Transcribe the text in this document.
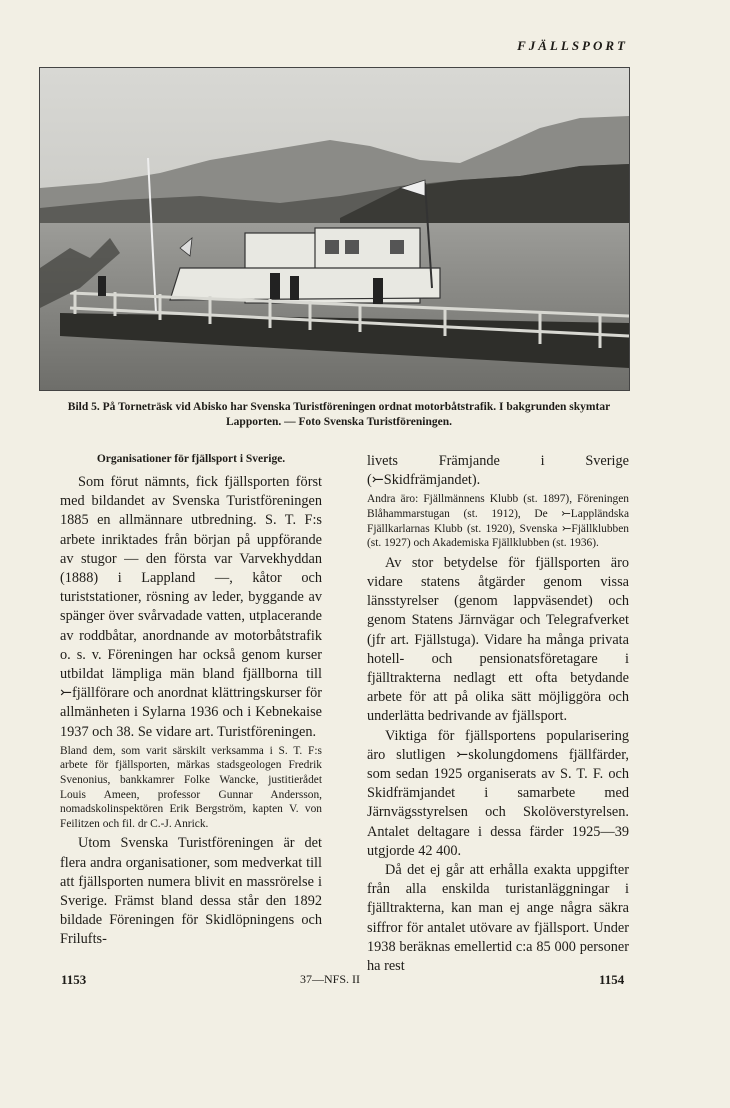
FJÄLLSPORT
Bild 5. På Torneträsk vid Abisko har Svenska Turistföreningen ordnat motorbåtstrafik. I bakgrunden skymtar Lapporten. — Foto Svenska Turistföreningen.
Organisationer för fjällsport i Sverige.

Som förut nämnts, fick fjällsporten först med bildandet av Svenska Turistföreningen 1885 en allmännare utbredning. S. T. F:s arbete inriktades från början på uppförande av stugor — den första var Varvekhyddan (1888) i Lappland —, kåtor och turiststationer, rösning av leder, byggande av spänger över svårvadade vatten, utplacerande av roddbåtar, anordnande av motorbåtstrafik o. s. v. Föreningen har också genom kurser utbildat lämpliga män bland fjällborna till ⤚fjällförare och anordnat klättringskurser för allmänheten i Sylarna 1936 och i Kebnekaise 1937 och 38. Se vidare art. Turistföreningen.

Bland dem, som varit särskilt verksamma i S. T. F:s arbete för fjällsporten, märkas stadsgeologen Fredrik Svenonius, bankkamrer Folke Wancke, justitierådet Louis Ameen, professor Gunnar Andersson, nomadskolinspektören Erik Bergström, kapten V. von Feilitzen och fil. dr C.-J. Anrick.

Utom Svenska Turistföreningen är det flera andra organisationer, som medverkat till att fjällsporten numera blivit en massrörelse i Sverige. Främst bland dessa står den 1892 bildade Föreningen för Skidlöpningens och Frilufts-

livets Främjande i Sverige (⤚Skidfrämjandet).

Andra äro: Fjällmännens Klubb (st. 1897), Föreningen Blåhammarstugan (st. 1912), De ⤚Lappländska Fjällkarlarnas Klubb (st. 1920), Svenska ⤚Fjällklubben (st. 1927) och Akademiska Fjällklubben (st. 1936).

Av stor betydelse för fjällsporten äro vidare statens åtgärder genom vissa länsstyrelser (genom lappväsendet) och genom Statens Järnvägar och Telegrafverket (jfr art. Fjällstuga). Vidare ha många privata hotell- och pensionatsföretagare i fjälltrakterna nedlagt ett ofta betydande arbete för att på olika sätt möjliggöra och underlätta bedrivande av fjällsport.

Viktiga för fjällsportens popularisering äro slutligen ⤚skolungdomens fjällfärder, som sedan 1925 organiserats av S. T. F. och Skidfrämjandet i samarbete med Järnvägsstyrelsen och Skolöverstyrelsen. Antalet deltagare i dessa färder 1925—39 utgjorde 42 400.

Då det ej går att erhålla exakta uppgifter från alla enskilda turistanläggningar i fjälltrakterna, kan man ej ange några säkra siffror för antalet utövare av fjällsport. Under 1938 beräknas emellertid c:a 85 000 personer ha rest

1153	37—NFS. II	1154
